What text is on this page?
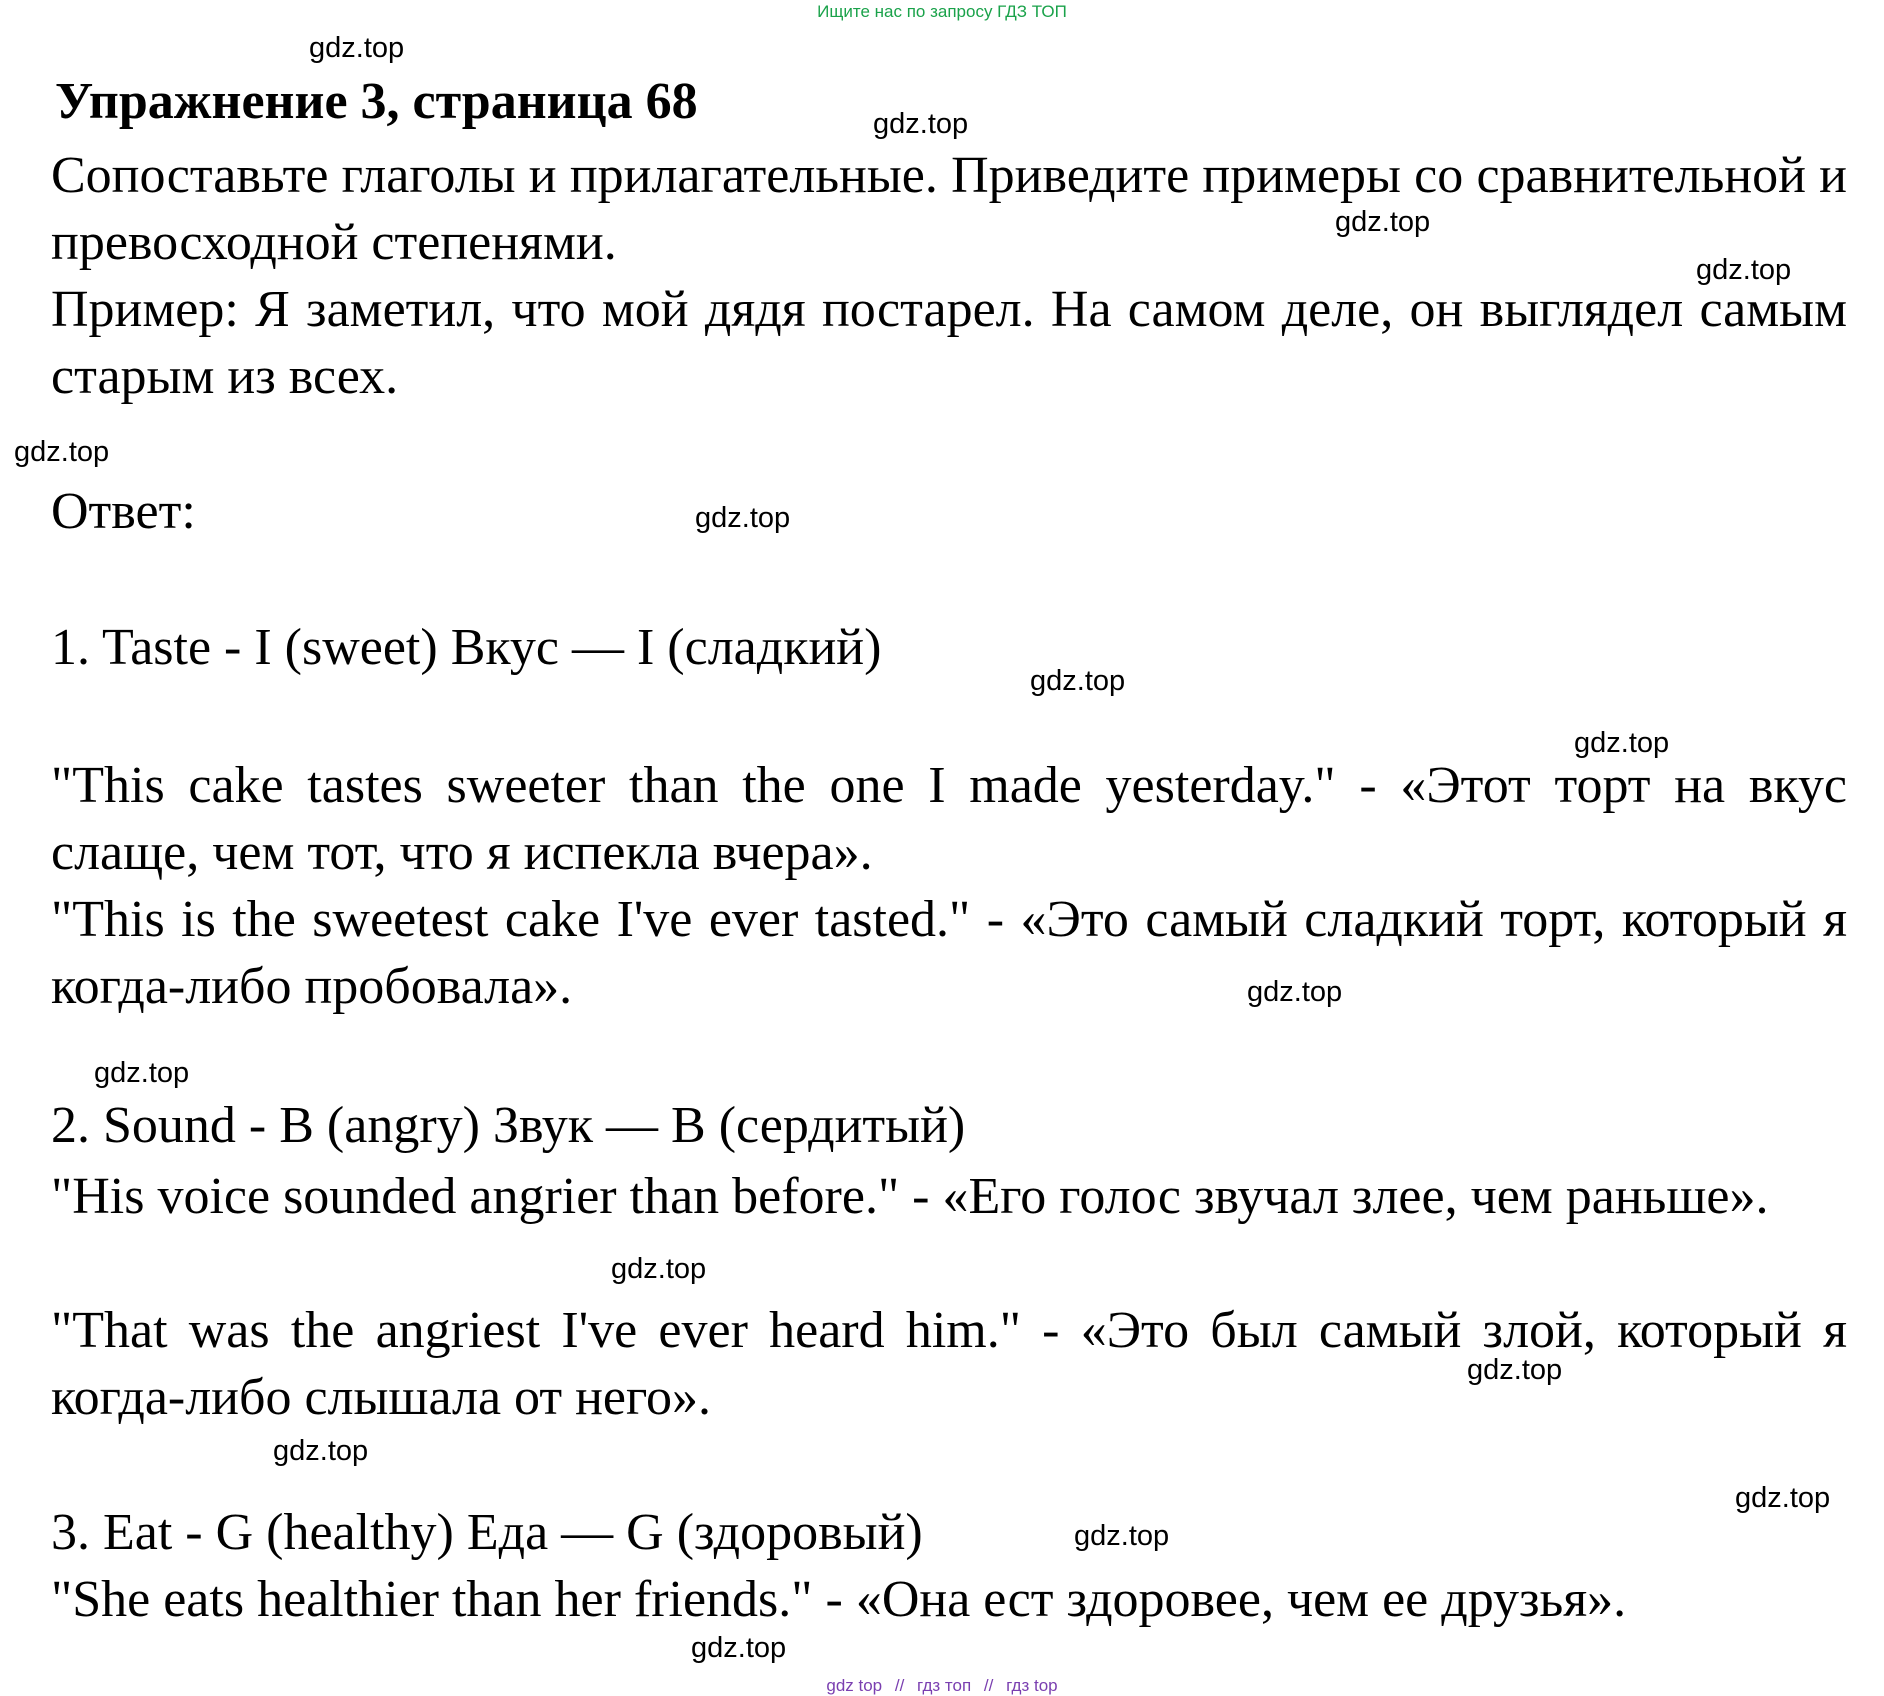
Ищите нас по запросу ГДЗ ТОП
Упражнение 3, страница 68
Сопоставьте глаголы и прилагательные. Приведите примеры со сравнительной и превосходной степенями.
Пример: Я заметил, что мой дядя постарел. На самом деле, он выглядел самым старым из всех.
Ответ:
1. Taste - I (sweet) Вкус — I (сладкий)
"This cake tastes sweeter than the one I made yesterday." - «Этот торт на вкус слаще, чем тот, что я испекла вчера».
"This is the sweetest cake I've ever tasted." - «Это самый сладкий торт, который я когда-либо пробовала».
2. Sound - B (angry) Звук — B (сердитый)
"His voice sounded angrier than before." - «Его голос звучал злее, чем раньше».
"That was the angriest I've ever heard him." - «Это был самый злой, который я когда-либо слышала от него».
3. Eat - G (healthy) Еда — G (здоровый)
"She eats healthier than her friends." - «Она ест здоровее, чем ее друзья».
gdz.top
gdz.top
gdz.top
gdz.top
gdz.top
gdz.top
gdz.top
gdz.top
gdz.top
gdz.top
gdz.top
gdz.top
gdz.top
gdz.top
gdz.top
gdz.top
gdz top // гдз топ // гдз top
